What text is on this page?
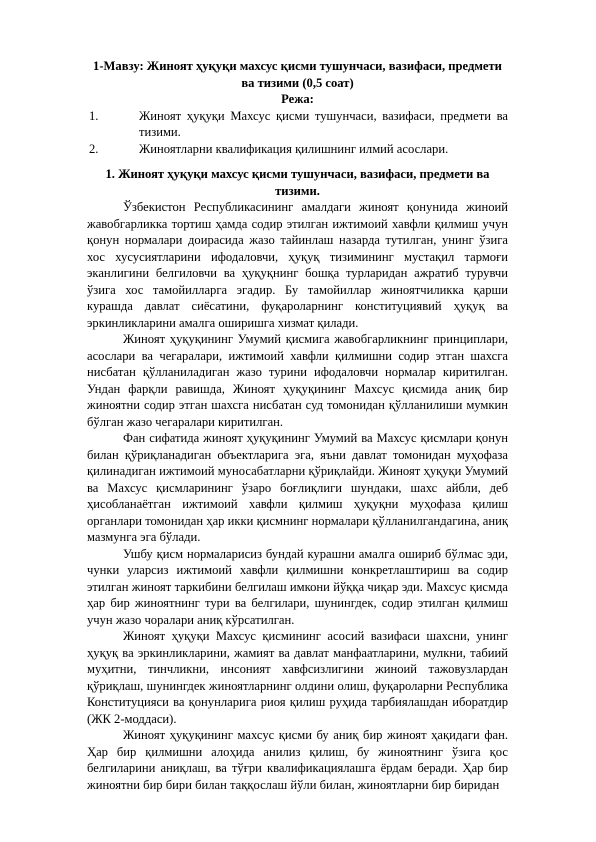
1-Мавзу: Жиноят ҳуқуқи махсус қисми тушунчаси, вазифаси, предмети ва тизими (0,5 соат)

Режа:

1.	Жиноят ҳуқуқи Махсус қисми тушунчаси, вазифаси, предмети ва тизими.
2.	Жиноятларни квалификация қилишнинг илмий асослари.

1. Жиноят ҳуқуқи махсус қисми тушунчаси, вазифаси, предмети ва тизими.

Ўзбекистон Республикасининг амалдаги жиноят қонунида жиноий жавобгарликка тортиш ҳамда содир этилган ижтимоий хавфли қилмиш учун қонун нормалари доирасида жазо тайинлаш назарда тутилган, унинг ўзига хос хусусиятларини ифодаловчи, ҳуқуқ тизимининг мустақил тармоғи эканлигини белгиловчи ва ҳуқуқнинг бошқа турларидан ажратиб турувчи ўзига хос тамойилларга эгадир. Бу тамойиллар жиноятчиликка қарши курашда давлат сиёсатини, фуқароларнинг конституциявий ҳуқуқ ва эркинликларини амалга оширишга хизмат қилади.

Жиноят ҳуқуқининг Умумий қисмига жавобгарликнинг принциплари, асослари ва чегаралари, ижтимоий хавфли қилмишни содир этган шахсга нисбатан қўлланиладиган жазо турини ифодаловчи нормалар киритилган. Ундан фарқли равишда, Жиноят ҳуқуқининг Махсус қисмида аниқ бир жиноятни содир этган шахсга нисбатан суд томонидан қўлланилиши мумкин бўлган жазо чегаралари киритилган.

Фан сифатида жиноят ҳуқуқининг Умумий ва Махсус қисмлари қонун билан қўриқланадиган объектларига эга, яъни давлат томонидан муҳофаза қилинадиган ижтимоий муносабатларни қўриқлайди. Жиноят ҳуқуқи Умумий ва Махсус қисмларининг ўзаро боғлиқлиги шундаки, шахс айбли, деб ҳисобланаётган ижтимоий хавфли қилмиш ҳуқуқни муҳофаза қилиш органлари томонидан ҳар икки қисмнинг нормалари қўлланилгандагина, аниқ мазмунга эга бўлади.

Ушбу қисм нормаларисиз бундай курашни амалга ошириб бўлмас эди, чунки уларсиз ижтимоий хавфли қилмишни конкретлаштириш ва содир этилган жиноят таркибини белгилаш имкони йўққа чиқар эди. Махсус қисмда ҳар бир жиноятнинг тури ва белгилари, шунингдек, содир этилган қилмиш учун жазо чоралари аниқ кўрсатилган.

Жиноят ҳуқуқи Махсус қисмининг асосий вазифаси шахсни, унинг ҳуқуқ ва эркинликларини, жамият ва давлат манфаатларини, мулкни, табиий муҳитни, тинчликни, инсоният хавфсизлигини жиноий тажовузлардан қўриқлаш, шунингдек жиноятларнинг олдини олиш, фуқароларни Республика Конституцияси ва қонунларига риоя қилиш руҳида тарбиялашдан иборатдир (ЖК 2-моддаси).

Жиноят ҳуқуқининг махсус қисми бу аниқ бир жиноят ҳақидаги фан. Ҳар бир қилмишни алоҳида анилиз қилиш, бу жиноятнинг ўзига қос белгиларини аниқлаш, ва тўғри квалификациялашга ёрдам беради. Ҳар бир жиноятни бир бири билан таққослаш йўли билан, жиноятларни бир биридан
